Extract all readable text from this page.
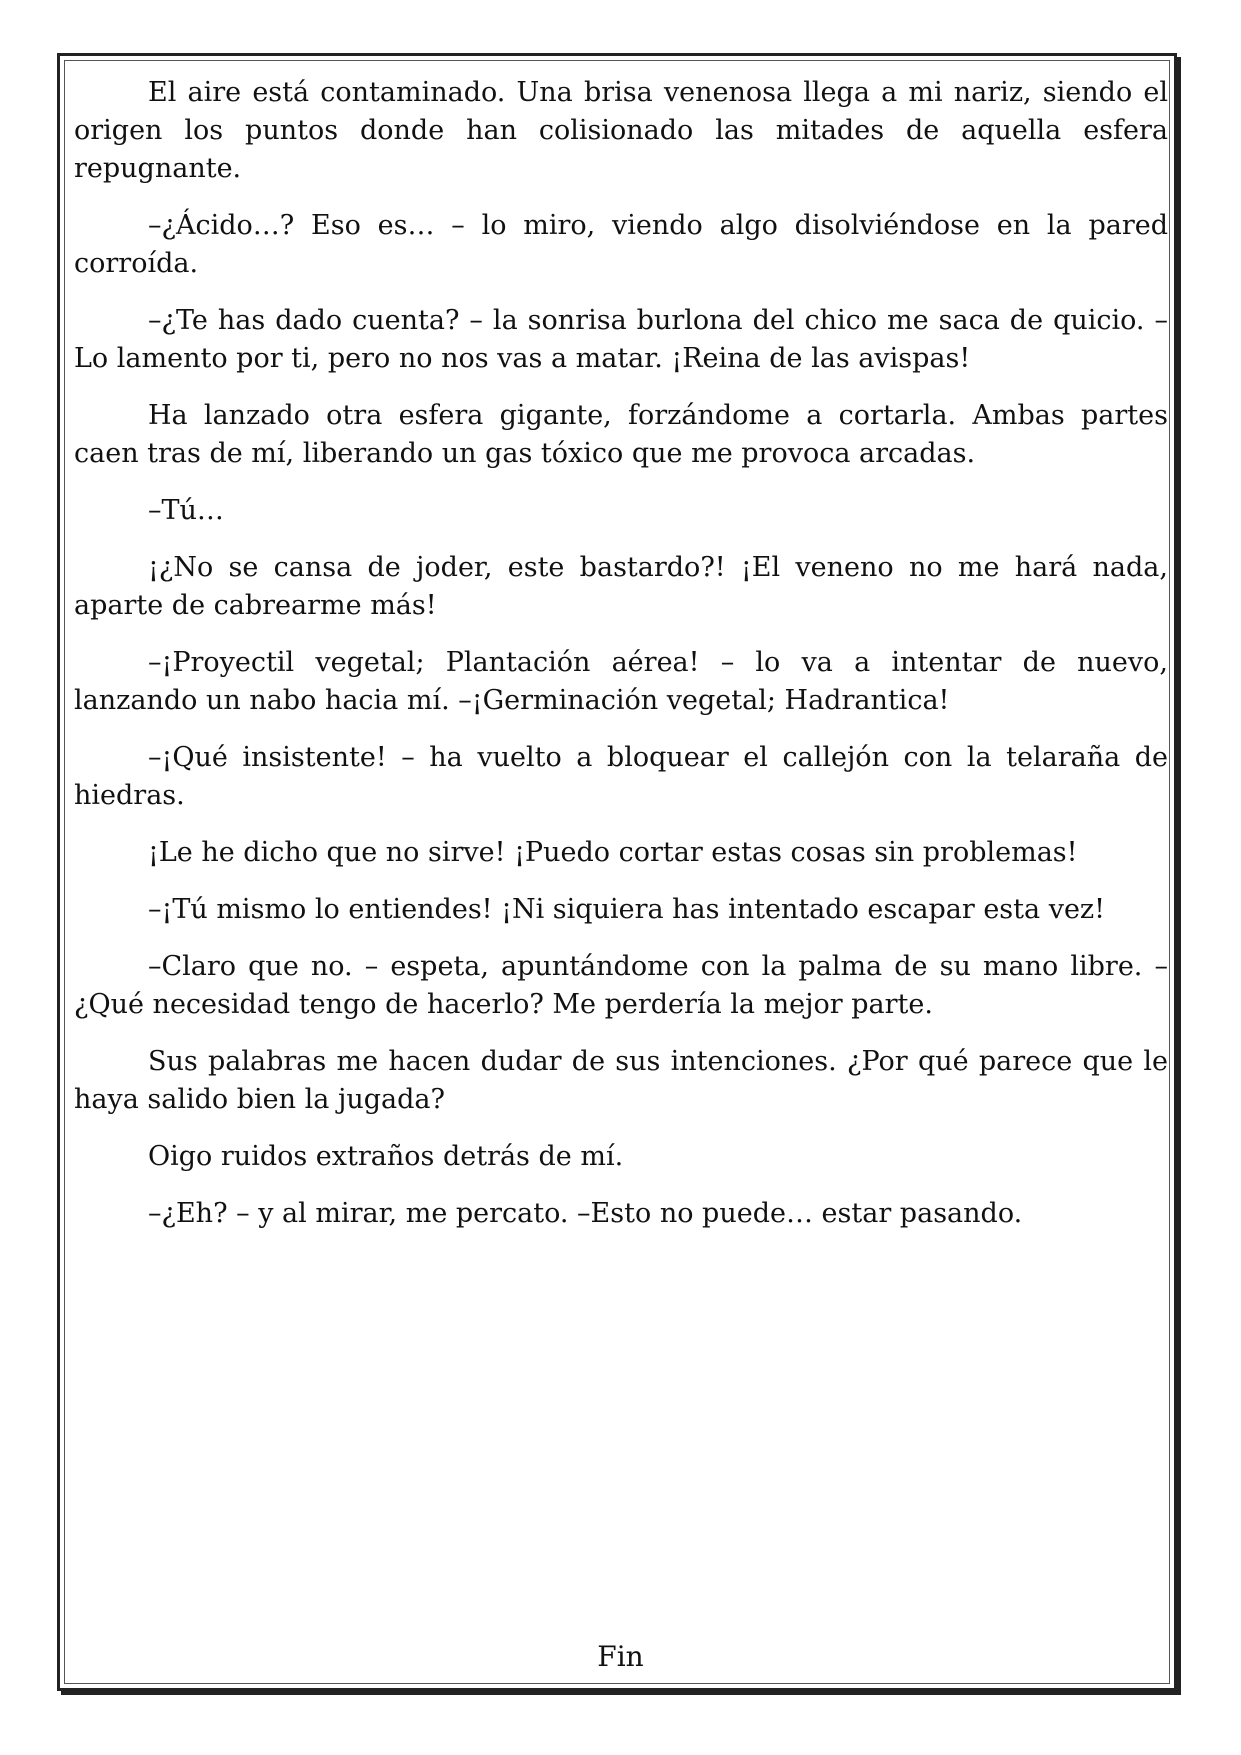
El aire está contaminado. Una brisa venenosa llega a mi nariz, siendo el origen los puntos donde han colisionado las mitades de aquella esfera repugnante.

–¿Ácido…? Eso es… – lo miro, viendo algo disolviéndose en la pared corroída.

–¿Te has dado cuenta? – la sonrisa burlona del chico me saca de quicio. –Lo lamento por ti, pero no nos vas a matar. ¡Reina de las avispas!

Ha lanzado otra esfera gigante, forzándome a cortarla. Ambas partes caen tras de mí, liberando un gas tóxico que me provoca arcadas.

–Tú…

¡¿No se cansa de joder, este bastardo?! ¡El veneno no me hará nada, aparte de cabrearme más!

–¡Proyectil vegetal; Plantación aérea! – lo va a intentar de nuevo, lanzando un nabo hacia mí. –¡Germinación vegetal; Hadrantica!

–¡Qué insistente! – ha vuelto a bloquear el callejón con la telaraña de hiedras.

¡Le he dicho que no sirve! ¡Puedo cortar estas cosas sin problemas!

–¡Tú mismo lo entiendes! ¡Ni siquiera has intentado escapar esta vez!

–Claro que no. – espeta, apuntándome con la palma de su mano libre. –¿Qué necesidad tengo de hacerlo? Me perdería la mejor parte.

Sus palabras me hacen dudar de sus intenciones. ¿Por qué parece que le haya salido bien la jugada?

Oigo ruidos extraños detrás de mí.

–¿Eh? – y al mirar, me percato. –Esto no puede… estar pasando.

Fin
